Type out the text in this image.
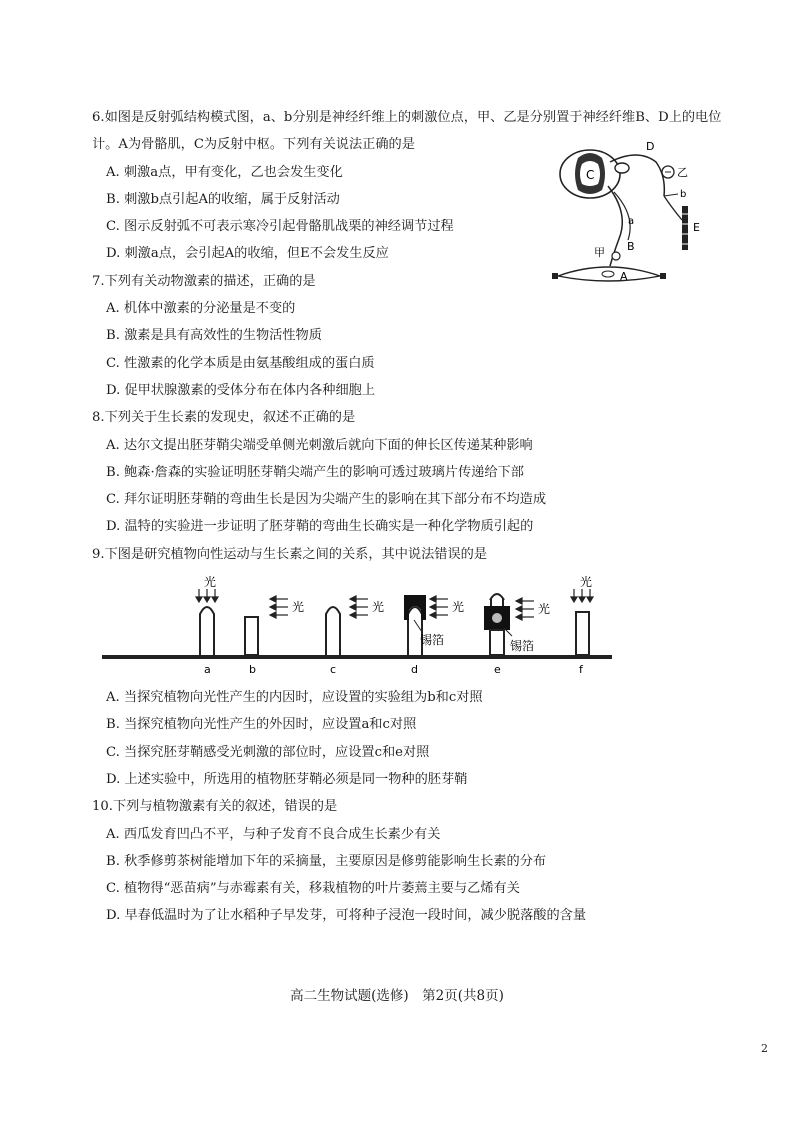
6.如图是反射弧结构模式图，a、b分别是神经纤维上的刺激位点，甲、乙是分别置于神经纤维B、D上的电位计。A为骨骼肌，C为反射中枢。下列有关说法正确的是
A. 刺激a点，甲有变化，乙也会发生变化
B. 刺激b点引起A的收缩，属于反射活动
C. 图示反射弧不可表示寒冷引起骨骼肌战栗的神经调节过程
D. 刺激a点，会引起A的收缩，但E不会发生反应
7.下列有关动物激素的描述，正确的是
A. 机体中激素的分泌量是不变的
B. 激素是具有高效性的生物活性物质
C. 性激素的化学本质是由氨基酸组成的蛋白质
D. 促甲状腺激素的受体分布在体内各种细胞上
8.下列关于生长素的发现史，叙述不正确的是
A. 达尔文提出胚芽鞘尖端受单侧光刺激后就向下面的伸长区传递某种影响
B. 鲍森·詹森的实验证明胚芽鞘尖端产生的影响可透过玻璃片传递给下部
C. 拜尔证明胚芽鞘的弯曲生长是因为尖端产生的影响在其下部分布不均造成
D. 温特的实验进一步证明了胚芽鞘的弯曲生长确实是一种化学物质引起的
9.下图是研究植物向性运动与生长素之间的关系，其中说法错误的是
光
a	b
光
c
光
锡箔
d
光
锡箔
e
光
光
f
A. 当探究植物向光性产生的内因时，应设置的实验组为b和c对照
B. 当探究植物向光性产生的外因时，应设置a和c对照
C. 当探究胚芽鞘感受光刺激的部位时，应设置c和e对照
D. 上述实验中，所选用的植物胚芽鞘必须是同一物种的胚芽鞘
10.下列与植物激素有关的叙述，错误的是
A. 西瓜发育凹凸不平，与种子发育不良合成生长素少有关
B. 秋季修剪茶树能增加下年的采摘量，主要原因是修剪能影响生长素的分布
C. 植物得“恶苗病”与赤霉素有关，移栽植物的叶片萎蔫主要与乙烯有关
D. 早春低温时为了让水稻种子早发芽，可将种子浸泡一段时间，减少脱落酸的含量
C
D
乙
b
E
a
B
甲
A
高二生物试题(选修)　第2页(共8页)
2
